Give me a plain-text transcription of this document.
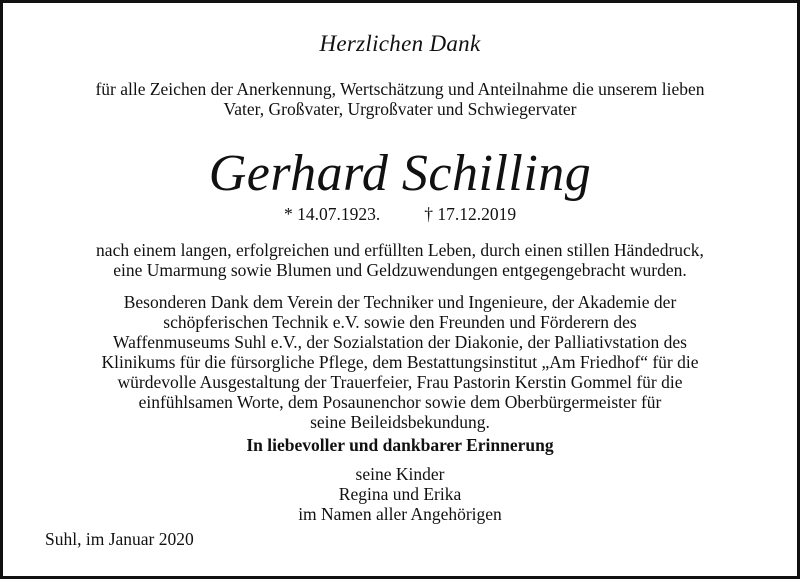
Herzlichen Dank
für alle Zeichen der Anerkennung, Wertschätzung und Anteilnahme die unserem lieben
Vater, Großvater, Urgroßvater und Schwiegervater
Gerhard Schilling
* 14.07.1923.	† 17.12.2019
nach einem langen, erfolgreichen und erfüllten Leben, durch einen stillen Händedruck,
eine Umarmung sowie Blumen und Geldzuwendungen entgegengebracht wurden.
Besonderen Dank dem Verein der Techniker und Ingenieure, der Akademie der
schöpferischen Technik e.V. sowie den Freunden und Förderern des
Waffenmuseums Suhl e.V., der Sozialstation der Diakonie, der Palliativstation des
Klinikums für die fürsorgliche Pflege, dem Bestattungsinstitut „Am Friedhof“ für die
würdevolle Ausgestaltung der Trauerfeier, Frau Pastorin Kerstin Gommel für die
einfühlsamen Worte, dem Posaunenchor sowie dem Oberbürgermeister für
seine Beileidsbekundung.
In liebevoller und dankbarer Erinnerung
seine Kinder
Regina und Erika
im Namen aller Angehörigen
Suhl, im Januar 2020
